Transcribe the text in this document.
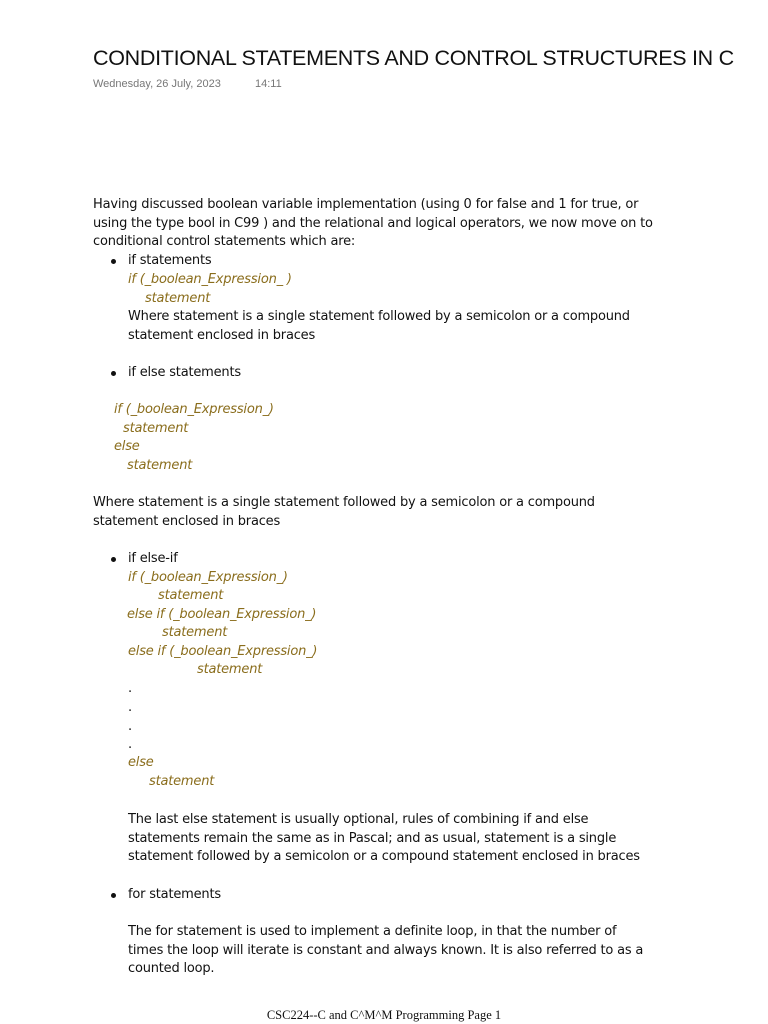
CONDITIONAL STATEMENTS AND CONTROL STRUCTURES IN C
Wednesday, 26 July, 2023	14:11
Having discussed boolean variable implementation (using 0 for false and 1 for true, or
using the type bool in C99 ) and the relational and logical operators, we now move on to
conditional control statements which are:
if statements
if (_boolean_Expression_ )
statement
Where statement is a single statement followed by a semicolon or a compound
statement enclosed in braces
if else statements
if (_boolean_Expression_)
statement
else
statement
Where statement is a single statement followed by a semicolon or a compound
statement enclosed in braces
if else-if
if (_boolean_Expression_)
statement
else if (_boolean_Expression_)
statement
else if (_boolean_Expression_)
statement
.
.
.
.
else
statement
The last else statement is usually optional, rules of combining if and else
statements remain the same as in Pascal; and as usual, statement is a single
statement followed by a semicolon or a compound statement enclosed in braces
for statements
The for statement is used to implement a definite loop, in that the number of
times the loop will iterate is constant and always known. It is also referred to as a
counted loop.
CSC224--C and C^M^M Programming Page 1
